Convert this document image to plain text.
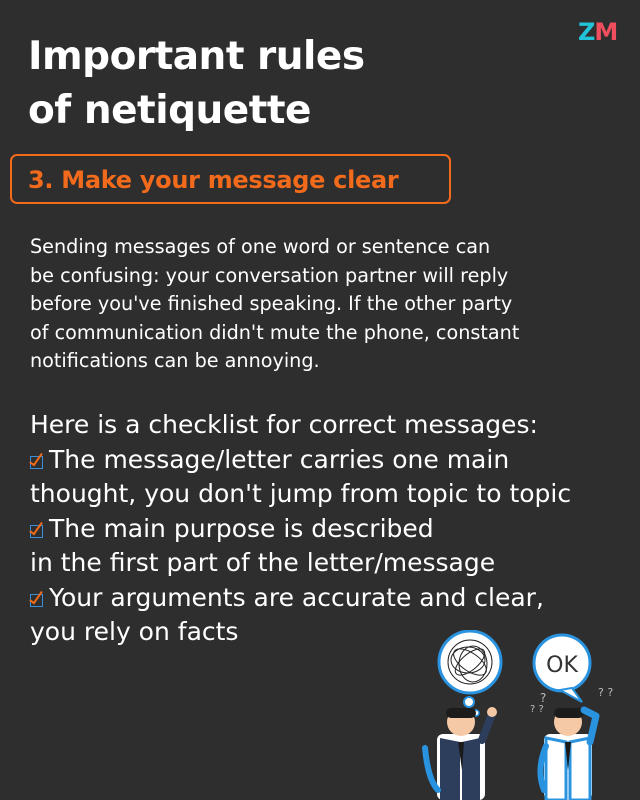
ZM
Important rules
of netiquette
3. Make your message clear
Sending messages of one word or sentence can
be confusing: your conversation partner will reply
before you've finished speaking. If the other party
of communication didn't mute the phone, constant
notifications can be annoying.
Here is a checklist for correct messages:
The message/letter carries one main
thought, you don't jump from topic to topic
The main purpose is described
in the first part of the letter/message
Your arguments are accurate and clear,
you rely on facts
OK
?
? ?
? ?
